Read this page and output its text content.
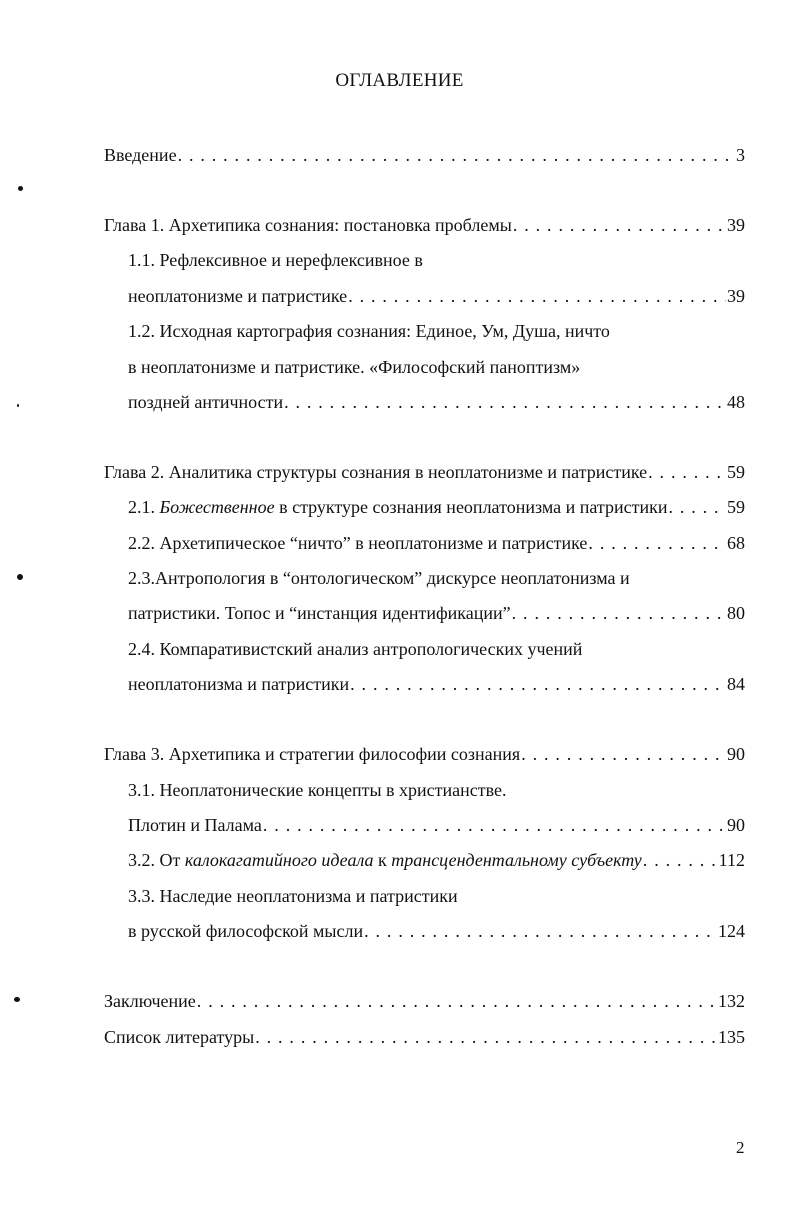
ОГЛАВЛЕНИЕ
Введение . . .	3
Глава 1. Архетипика сознания: постановка проблемы . . .	39
1.1. Рефлексивное и нерефлексивное в
неоплатонизме и патристике . . .	39
1.2. Исходная картография сознания: Единое, Ум, Душа, ничто
в неоплатонизме и патристике. «Философский паноптизм»
поздней античности . . .	48
Глава 2. Аналитика структуры сознания в неоплатонизме и патристике . . .	59
2.1. Божественное в структуре сознания неоплатонизма и патристики . . .	59
2.2. Архетипическое “ничто” в неоплатонизме и патристике . . .	68
2.3.Антропология в “онтологическом” дискурсе неоплатонизма и
патристики. Топос и “инстанция идентификации” . . .	80
2.4. Компаративистский анализ антропологических учений
неоплатонизма и патристики . . .	84
Глава 3. Архетипика и стратегии философии сознания . . .	90
3.1. Неоплатонические концепты в христианстве.
Плотин и Палама . . .	90
3.2. От калокагатийного идеала к трансцендентальному субъекту . . .	112
3.3. Наследие неоплатонизма и патристики
в русской философской мысли . . .	124
Заключение . . .	132
Список литературы . . .	135
2
